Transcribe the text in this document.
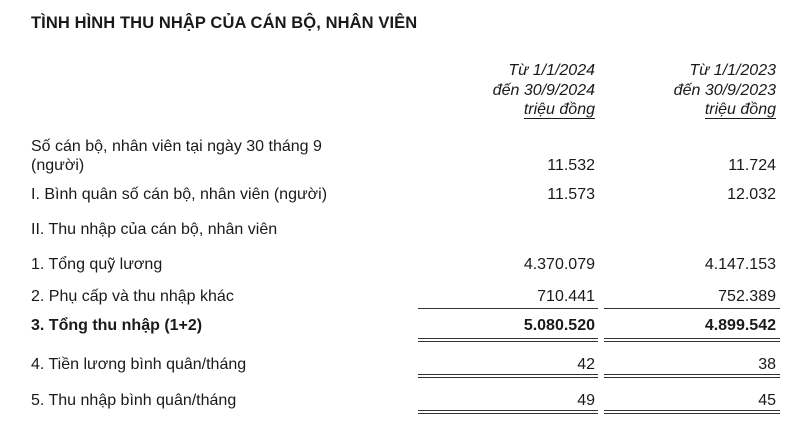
TÌNH HÌNH THU NHẬP CỦA CÁN BỘ, NHÂN VIÊN
Từ 1/1/2024
đến 30/9/2024
triệu đồng
Từ 1/1/2023
đến 30/9/2023
triệu đồng
Số cán bộ, nhân viên tại ngày 30 tháng 9
(người)	11.532	11.724
I. Bình quân số cán bộ, nhân viên (người)	11.573	12.032
II. Thu nhập của cán bộ, nhân viên
1. Tổng quỹ lương	4.370.079	4.147.153
2. Phụ cấp và thu nhập khác	710.441	752.389
3. Tổng thu nhập (1+2)	5.080.520	4.899.542
4. Tiền lương bình quân/tháng	42	38
5. Thu nhập bình quân/tháng	49	45
